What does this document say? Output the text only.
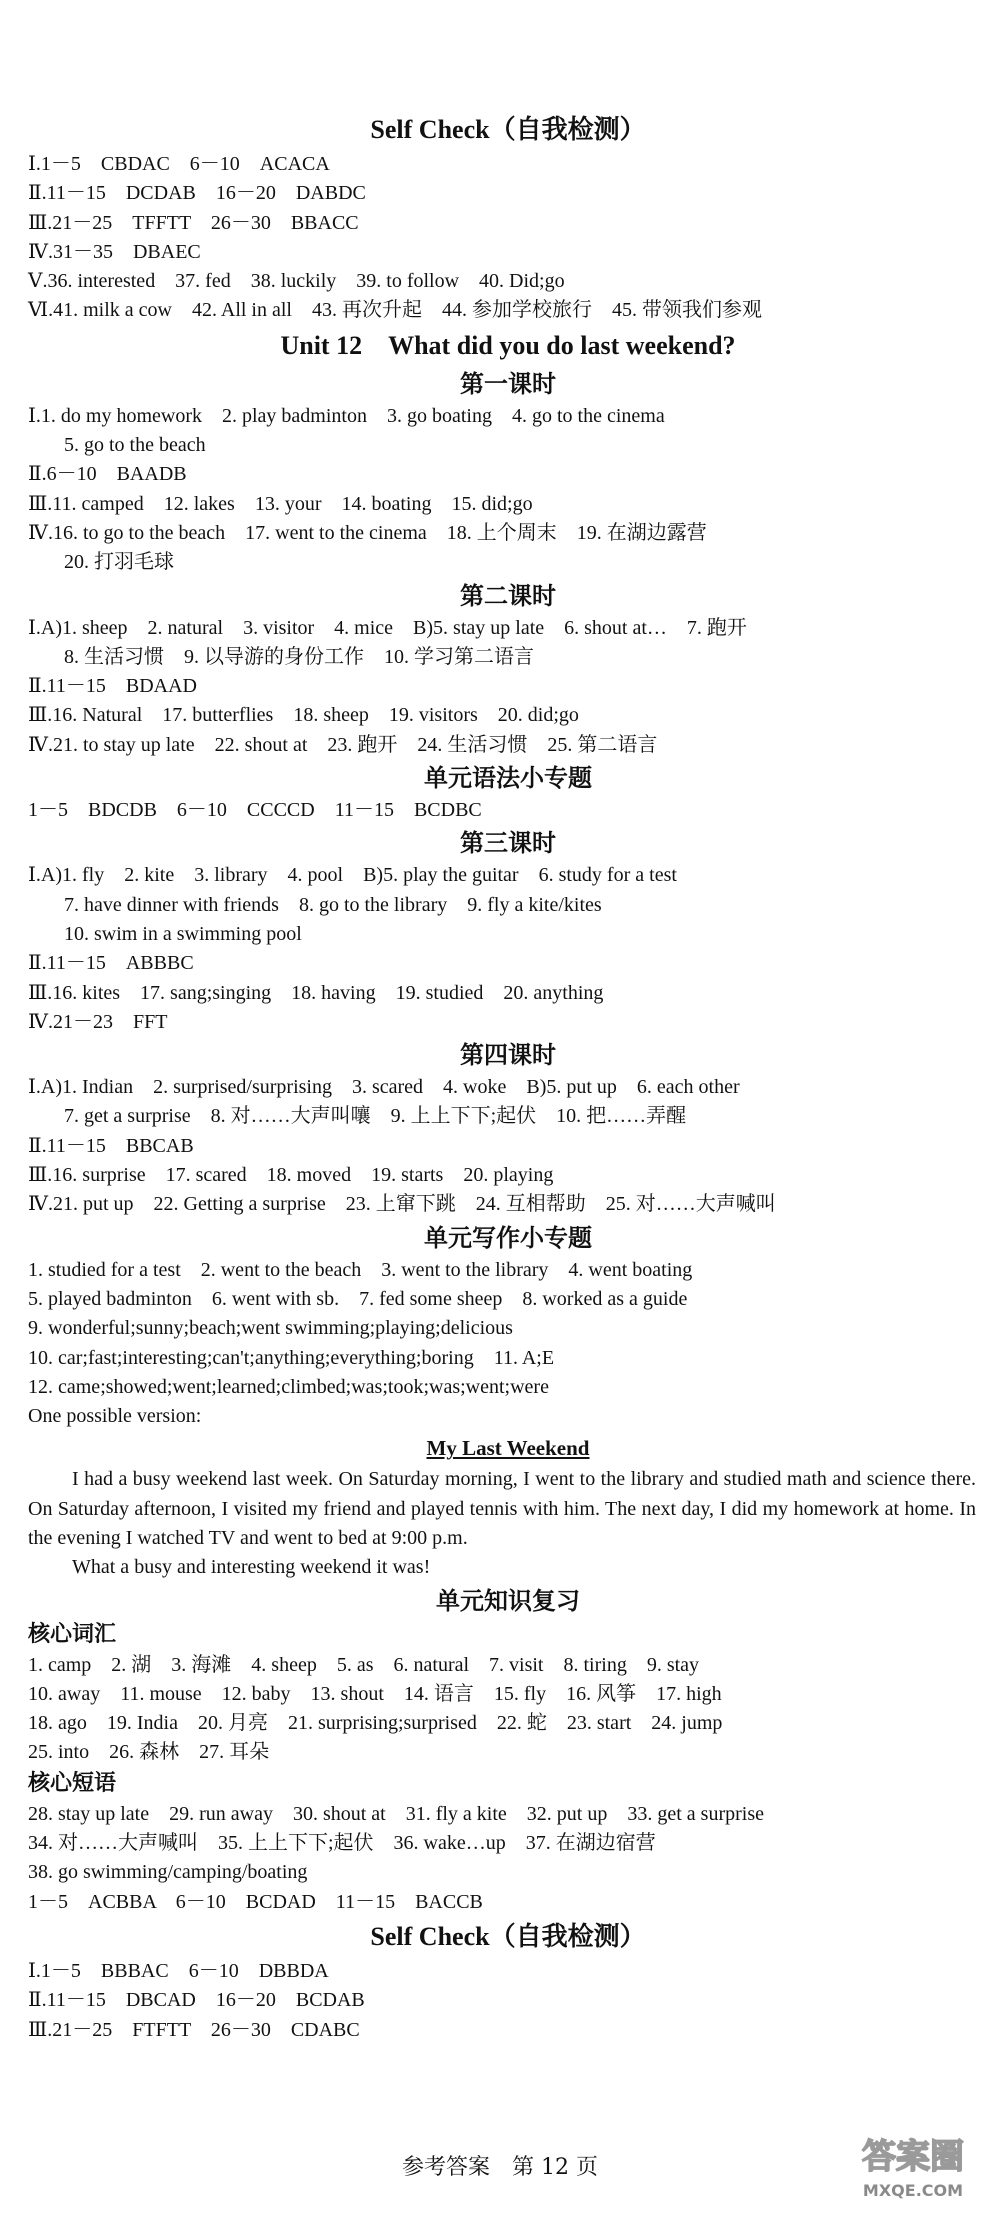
Self Check（自我检测）
Ⅰ.1－5　CBDAC　6－10　ACACA
Ⅱ.11－15　DCDAB　16－20　DABDC
Ⅲ.21－25　TFFTT　26－30　BBACC
Ⅳ.31－35　DBAEC
Ⅴ.36. interested　37. fed　38. luckily　39. to follow　40. Did;go
Ⅵ.41. milk a cow　42. All in all　43. 再次升起　44. 参加学校旅行　45. 带领我们参观
Unit 12　What did you do last weekend?
第一课时
Ⅰ.1. do my homework　2. play badminton　3. go boating　4. go to the cinema
5. go to the beach
Ⅱ.6－10　BAADB
Ⅲ.11. camped　12. lakes　13. your　14. boating　15. did;go
Ⅳ.16. to go to the beach　17. went to the cinema　18. 上个周末　19. 在湖边露营
20. 打羽毛球
第二课时
Ⅰ.A)1. sheep　2. natural　3. visitor　4. mice　B)5. stay up late　6. shout at…　7. 跑开
8. 生活习惯　9. 以导游的身份工作　10. 学习第二语言
Ⅱ.11－15　BDAAD
Ⅲ.16. Natural　17. butterflies　18. sheep　19. visitors　20. did;go
Ⅳ.21. to stay up late　22. shout at　23. 跑开　24. 生活习惯　25. 第二语言
单元语法小专题
1－5　BDCDB　6－10　CCCCD　11－15　BCDBC
第三课时
Ⅰ.A)1. fly　2. kite　3. library　4. pool　B)5. play the guitar　6. study for a test
7. have dinner with friends　8. go to the library　9. fly a kite/kites
10. swim in a swimming pool
Ⅱ.11－15　ABBBC
Ⅲ.16. kites　17. sang;singing　18. having　19. studied　20. anything
Ⅳ.21－23　FFT
第四课时
Ⅰ.A)1. Indian　2. surprised/surprising　3. scared　4. woke　B)5. put up　6. each other
7. get a surprise　8. 对……大声叫嚷　9. 上上下下;起伏　10. 把……弄醒
Ⅱ.11－15　BBCAB
Ⅲ.16. surprise　17. scared　18. moved　19. starts　20. playing
Ⅳ.21. put up　22. Getting a surprise　23. 上窜下跳　24. 互相帮助　25. 对……大声喊叫
单元写作小专题
1. studied for a test　2. went to the beach　3. went to the library　4. went boating
5. played badminton　6. went with sb.　7. fed some sheep　8. worked as a guide
9. wonderful;sunny;beach;went swimming;playing;delicious
10. car;fast;interesting;can't;anything;everything;boring　11. A;E
12. came;showed;went;learned;climbed;was;took;was;went;were
One possible version:
My Last Weekend
I had a busy weekend last week. On Saturday morning, I went to the library and studied math and science there. On Saturday afternoon, I visited my friend and played tennis with him. The next day, I did my homework at home. In the evening I watched TV and went to bed at 9:00 p.m.
What a busy and interesting weekend it was!
单元知识复习
核心词汇
1. camp　2. 湖　3. 海滩　4. sheep　5. as　6. natural　7. visit　8. tiring　9. stay
10. away　11. mouse　12. baby　13. shout　14. 语言　15. fly　16. 风筝　17. high
18. ago　19. India　20. 月亮　21. surprising;surprised　22. 蛇　23. start　24. jump
25. into　26. 森林　27. 耳朵
核心短语
28. stay up late　29. run away　30. shout at　31. fly a kite　32. put up　33. get a surprise
34. 对……大声喊叫　35. 上上下下;起伏　36. wake…up　37. 在湖边宿营
38. go swimming/camping/boating
1－5　ACBBA　6－10　BCDAD　11－15　BACCB
Self Check（自我检测）
Ⅰ.1－5　BBBAC　6－10　DBBDA
Ⅱ.11－15　DBCAD　16－20　BCDAB
Ⅲ.21－25　FTFTT　26－30　CDABC
参考答案　第 12 页	答案圈
MXQE.COM
